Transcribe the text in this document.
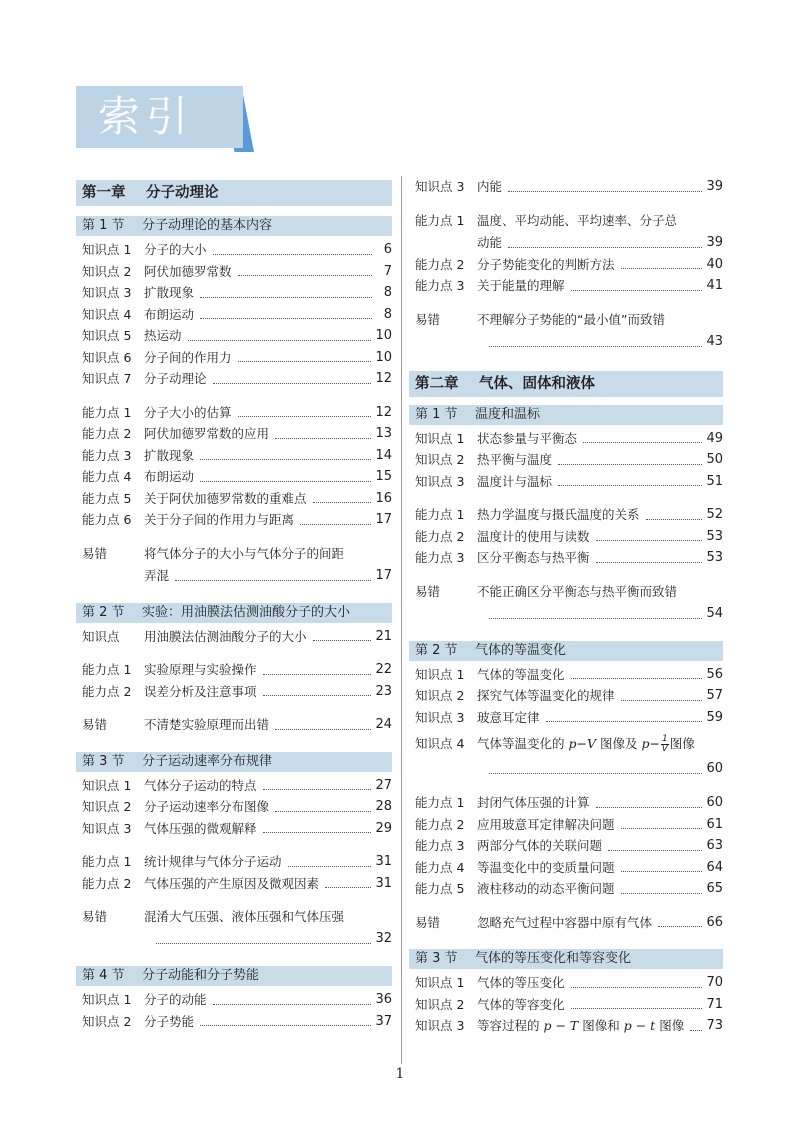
索引
第一章 分子动理论
第 1 节 分子动理论的基本内容
知识点 1	分子的大小	6
知识点 2	阿伏加德罗常数	7
知识点 3	扩散现象	8
知识点 4	布朗运动	8
知识点 5	热运动	10
知识点 6	分子间的作用力	10
知识点 7	分子动理论	12
能力点 1	分子大小的估算	12
能力点 2	阿伏加德罗常数的应用	13
能力点 3	扩散现象	14
能力点 4	布朗运动	15
能力点 5	关于阿伏加德罗常数的重难点	16
能力点 6	关于分子间的作用力与距离	17
易错	将气体分子的大小与气体分子的间距
弄混	17
第 2 节 实验：用油膜法估测油酸分子的大小
知识点	用油膜法估测油酸分子的大小	21
能力点 1	实验原理与实验操作	22
能力点 2	误差分析及注意事项	23
易错	不清楚实验原理而出错	24
第 3 节 分子运动速率分布规律
知识点 1	气体分子运动的特点	27
知识点 2	分子运动速率分布图像	28
知识点 3	气体压强的微观解释	29
能力点 1	统计规律与气体分子运动	31
能力点 2	气体压强的产生原因及微观因素	31
易错	混淆大气压强、液体压强和气体压强
32
第 4 节 分子动能和分子势能
知识点 1	分子的动能	36
知识点 2	分子势能	37
知识点 3	内能	39
能力点 1	温度、平均动能、平均速率、分子总
动能	39
能力点 2	分子势能变化的判断方法	40
能力点 3	关于能量的理解	41
易错	不理解分子势能的“最小值”而致错
43
第二章 气体、固体和液体
第 1 节 温度和温标
知识点 1	状态参量与平衡态	49
知识点 2	热平衡与温度	50
知识点 3	温度计与温标	51
能力点 1	热力学温度与摄氏温度的关系	52
能力点 2	温度计的使用与读数	53
能力点 3	区分平衡态与热平衡	53
易错	不能正确区分平衡态与热平衡而致错
54
第 2 节 气体的等温变化
知识点 1	气体的等温变化	56
知识点 2	探究气体等温变化的规律	57
知识点 3	玻意耳定律	59
知识点 4	气体等温变化的 p−V 图像及 $p- \frac{1}{V}$ 图像
60
能力点 1	封闭气体压强的计算	60
能力点 2	应用玻意耳定律解决问题	61
能力点 3	两部分气体的关联问题	63
能力点 4	等温变化中的变质量问题	64
能力点 5	液柱移动的动态平衡问题	65
易错	忽略充气过程中容器中原有气体	66
第 3 节 气体的等压变化和等容变化
知识点 1	气体的等压变化	70
知识点 2	气体的等容变化	71
知识点 3	等容过程的 p − T 图像和 p − t 图像 73
1
